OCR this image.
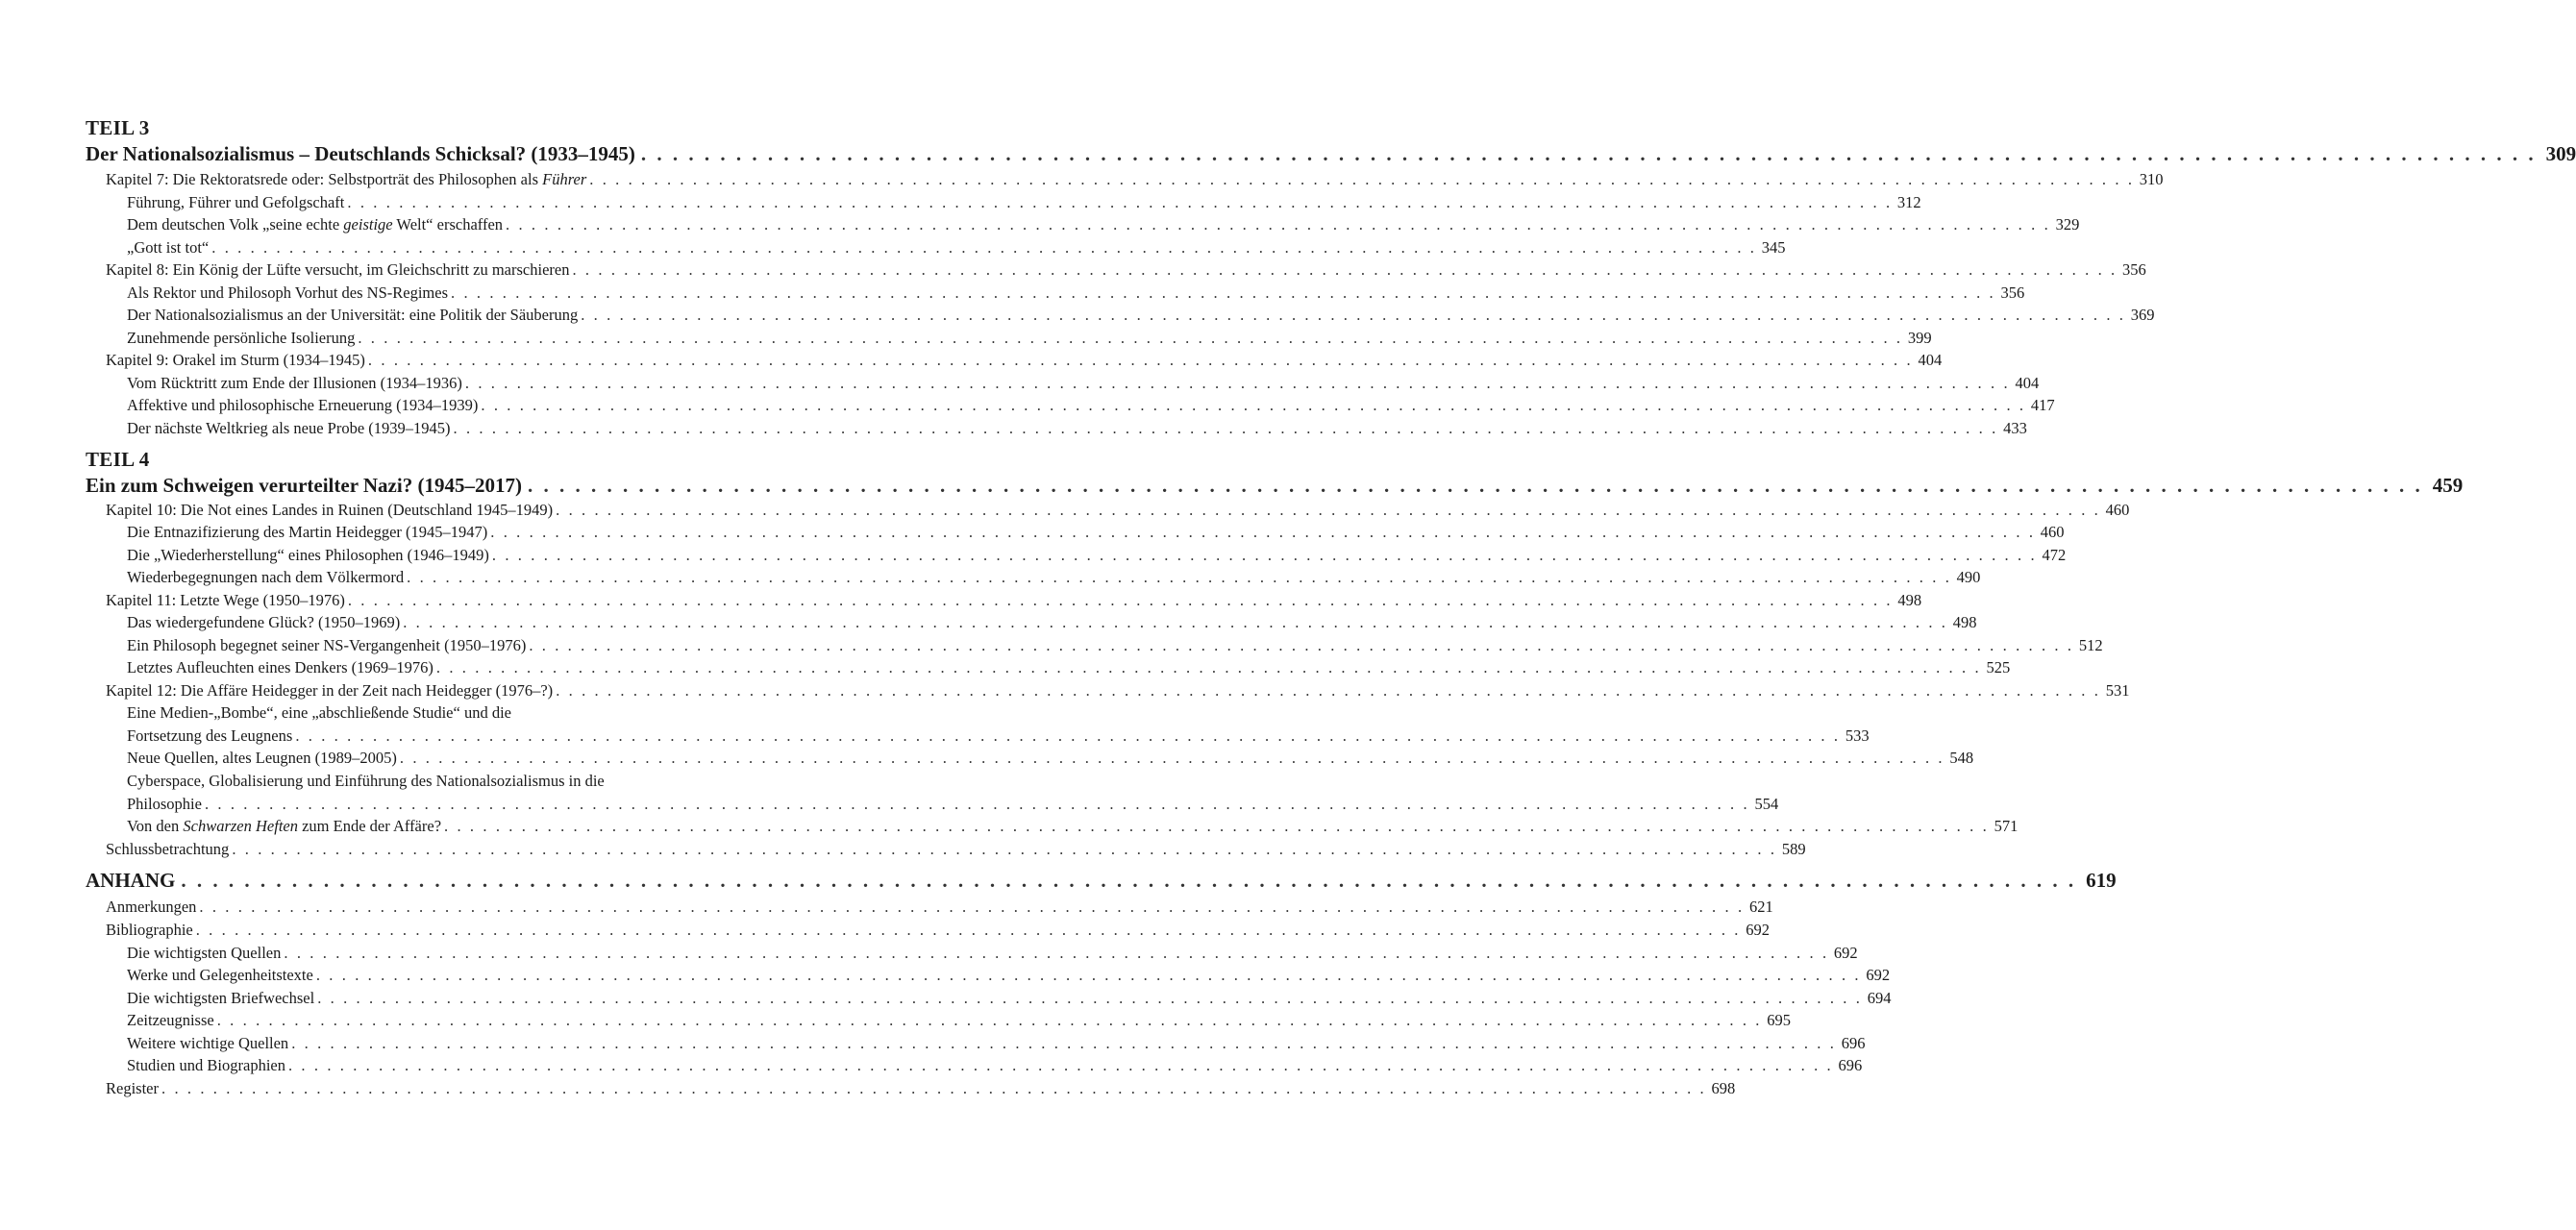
TEIL 3
Der Nationalsozialismus – Deutschlands Schicksal? (1933–1945) . . . . . . . . . . . . . . . . . . . . . . . . . . . . . . . . . . . . . . . . . . . . . . . . . . . . . . . . . . . . . . . . . . . . . . . . . . . . . . . . . . . . . . . . . . . . . . . . . . . . . . . . . . . . . . . . . . . . . . . . 309
Kapitel 7: Die Rektoratsrede oder: Selbstporträt des Philosophen als Führer . . . . . . . . . . . . . . . . . . . . . . . . . . . . . . . . . . . . . . . . . . . . . . . . . . . . . . . . . . . . . . . . . . . . . . . . . . . . . . . . . . . . . . . . . . . . . . . . . . . . . . . . . . . . . . . . . . . . . . . . 310
Führung, Führer und Gefolgschaft . . . . . . . . . . . . . . . . . . . . . . . . . . . . . . . . . . . . . . . . . . . . . . . . . . . . . . . . . . . . . . . . . . . . . . . . . . . . . . . . . . . . . . . . . . . . . . . . . . . . . . . . . . . . . . . . . . . . . . . . 312
Dem deutschen Volk „seine echte geistige Welt“ erschaffen . . . . . . . . . . . . . . . . . . . . . . . . . . . . . . . . . . . . . . . . . . . . . . . . . . . . . . . . . . . . . . . . . . . . . . . . . . . . . . . . . . . . . . . . . . . . . . . . . . . . . . . . . . . . . . . . . . . . . . . . 329
„Gott ist tot“ . . . . . . . . . . . . . . . . . . . . . . . . . . . . . . . . . . . . . . . . . . . . . . . . . . . . . . . . . . . . . . . . . . . . . . . . . . . . . . . . . . . . . . . . . . . . . . . . . . . . . . . . . . . . . . . . . . . . . . . . 345
Kapitel 8: Ein König der Lüfte versucht, im Gleichschritt zu marschieren . . . . . . . . . . . . . . . . . . . . . . . . . . . . . . . . . . . . . . . . . . . . . . . . . . . . . . . . . . . . . . . . . . . . . . . . . . . . . . . . . . . . . . . . . . . . . . . . . . . . . . . . . . . . . . . . . . . . . . . . 356
Als Rektor und Philosoph Vorhut des NS-Regimes . . . . . . . . . . . . . . . . . . . . . . . . . . . . . . . . . . . . . . . . . . . . . . . . . . . . . . . . . . . . . . . . . . . . . . . . . . . . . . . . . . . . . . . . . . . . . . . . . . . . . . . . . . . . . . . . . . . . . . . . 356
Der Nationalsozialismus an der Universität: eine Politik der Säuberung . . . . . . . . . . . . . . . . . . . . . . . . . . . . . . . . . . . . . . . . . . . . . . . . . . . . . . . . . . . . . . . . . . . . . . . . . . . . . . . . . . . . . . . . . . . . . . . . . . . . . . . . . . . . . . . . . . . . . . . . 369
Zunehmende persönliche Isolierung . . . . . . . . . . . . . . . . . . . . . . . . . . . . . . . . . . . . . . . . . . . . . . . . . . . . . . . . . . . . . . . . . . . . . . . . . . . . . . . . . . . . . . . . . . . . . . . . . . . . . . . . . . . . . . . . . . . . . . . . 399
Kapitel 9: Orakel im Sturm (1934–1945) . . . . . . . . . . . . . . . . . . . . . . . . . . . . . . . . . . . . . . . . . . . . . . . . . . . . . . . . . . . . . . . . . . . . . . . . . . . . . . . . . . . . . . . . . . . . . . . . . . . . . . . . . . . . . . . . . . . . . . . . 404
Vom Rücktritt zum Ende der Illusionen (1934–1936) . . . . . . . . . . . . . . . . . . . . . . . . . . . . . . . . . . . . . . . . . . . . . . . . . . . . . . . . . . . . . . . . . . . . . . . . . . . . . . . . . . . . . . . . . . . . . . . . . . . . . . . . . . . . . . . . . . . . . . . . 404
Affektive und philosophische Erneuerung (1934–1939) . . . . . . . . . . . . . . . . . . . . . . . . . . . . . . . . . . . . . . . . . . . . . . . . . . . . . . . . . . . . . . . . . . . . . . . . . . . . . . . . . . . . . . . . . . . . . . . . . . . . . . . . . . . . . . . . . . . . . . . . 417
Der nächste Weltkrieg als neue Probe (1939–1945) . . . . . . . . . . . . . . . . . . . . . . . . . . . . . . . . . . . . . . . . . . . . . . . . . . . . . . . . . . . . . . . . . . . . . . . . . . . . . . . . . . . . . . . . . . . . . . . . . . . . . . . . . . . . . . . . . . . . . . . . 433
TEIL 4
Ein zum Schweigen verurteilter Nazi? (1945–2017) . . . . . . . . . . . . . . . . . . . . . . . . . . . . . . . . . . . . . . . . . . . . . . . . . . . . . . . . . . . . . . . . . . . . . . . . . . . . . . . . . . . . . . . . . . . . . . . . . . . . . . . . . . . . . . . . . . . . . . . . 459
Kapitel 10: Die Not eines Landes in Ruinen (Deutschland 1945–1949) . . . . . . . . . . . . . . . . . . . . . . . . . . . . . . . . . . . . . . . . . . . . . . . . . . . . . . . . . . . . . . . . . . . . . . . . . . . . . . . . . . . . . . . . . . . . . . . . . . . . . . . . . . . . . . . . . . . . . . . . 460
Die Entnazifizierung des Martin Heidegger (1945–1947) . . . . . . . . . . . . . . . . . . . . . . . . . . . . . . . . . . . . . . . . . . . . . . . . . . . . . . . . . . . . . . . . . . . . . . . . . . . . . . . . . . . . . . . . . . . . . . . . . . . . . . . . . . . . . . . . . . . . . . . . 460
Die „Wiederherstellung“ eines Philosophen (1946–1949) . . . . . . . . . . . . . . . . . . . . . . . . . . . . . . . . . . . . . . . . . . . . . . . . . . . . . . . . . . . . . . . . . . . . . . . . . . . . . . . . . . . . . . . . . . . . . . . . . . . . . . . . . . . . . . . . . . . . . . . . 472
Wiederbegegnungen nach dem Völkermord . . . . . . . . . . . . . . . . . . . . . . . . . . . . . . . . . . . . . . . . . . . . . . . . . . . . . . . . . . . . . . . . . . . . . . . . . . . . . . . . . . . . . . . . . . . . . . . . . . . . . . . . . . . . . . . . . . . . . . . . 490
Kapitel 11: Letzte Wege (1950–1976) . . . . . . . . . . . . . . . . . . . . . . . . . . . . . . . . . . . . . . . . . . . . . . . . . . . . . . . . . . . . . . . . . . . . . . . . . . . . . . . . . . . . . . . . . . . . . . . . . . . . . . . . . . . . . . . . . . . . . . . . 498
Das wiedergefundene Glück? (1950–1969) . . . . . . . . . . . . . . . . . . . . . . . . . . . . . . . . . . . . . . . . . . . . . . . . . . . . . . . . . . . . . . . . . . . . . . . . . . . . . . . . . . . . . . . . . . . . . . . . . . . . . . . . . . . . . . . . . . . . . . . . 498
Ein Philosoph begegnet seiner NS-Vergangenheit (1950–1976) . . . . . . . . . . . . . . . . . . . . . . . . . . . . . . . . . . . . . . . . . . . . . . . . . . . . . . . . . . . . . . . . . . . . . . . . . . . . . . . . . . . . . . . . . . . . . . . . . . . . . . . . . . . . . . . . . . . . . . . . 512
Letztes Aufleuchten eines Denkers (1969–1976) . . . . . . . . . . . . . . . . . . . . . . . . . . . . . . . . . . . . . . . . . . . . . . . . . . . . . . . . . . . . . . . . . . . . . . . . . . . . . . . . . . . . . . . . . . . . . . . . . . . . . . . . . . . . . . . . . . . . . . . . 525
Kapitel 12: Die Affäre Heidegger in der Zeit nach Heidegger (1976–?) . . . . . . . . . . . . . . . . . . . . . . . . . . . . . . . . . . . . . . . . . . . . . . . . . . . . . . . . . . . . . . . . . . . . . . . . . . . . . . . . . . . . . . . . . . . . . . . . . . . . . . . . . . . . . . . . . . . . . . . . 531
Eine Medien-„Bombe“, eine „abschließende Studie“ und die
Fortsetzung des Leugnens . . . . . . . . . . . . . . . . . . . . . . . . . . . . . . . . . . . . . . . . . . . . . . . . . . . . . . . . . . . . . . . . . . . . . . . . . . . . . . . . . . . . . . . . . . . . . . . . . . . . . . . . . . . . . . . . . . . . . . . . 533
Neue Quellen, altes Leugnen (1989–2005) . . . . . . . . . . . . . . . . . . . . . . . . . . . . . . . . . . . . . . . . . . . . . . . . . . . . . . . . . . . . . . . . . . . . . . . . . . . . . . . . . . . . . . . . . . . . . . . . . . . . . . . . . . . . . . . . . . . . . . . . 548
Cyberspace, Globalisierung und Einführung des Nationalsozialismus in die
Philosophie . . . . . . . . . . . . . . . . . . . . . . . . . . . . . . . . . . . . . . . . . . . . . . . . . . . . . . . . . . . . . . . . . . . . . . . . . . . . . . . . . . . . . . . . . . . . . . . . . . . . . . . . . . . . . . . . . . . . . . . . 554
Von den Schwarzen Heften zum Ende der Affäre? . . . . . . . . . . . . . . . . . . . . . . . . . . . . . . . . . . . . . . . . . . . . . . . . . . . . . . . . . . . . . . . . . . . . . . . . . . . . . . . . . . . . . . . . . . . . . . . . . . . . . . . . . . . . . . . . . . . . . . . . 571
Schlussbetrachtung . . . . . . . . . . . . . . . . . . . . . . . . . . . . . . . . . . . . . . . . . . . . . . . . . . . . . . . . . . . . . . . . . . . . . . . . . . . . . . . . . . . . . . . . . . . . . . . . . . . . . . . . . . . . . . . . . . . . . . . . 589
ANHANG . . . . . . . . . . . . . . . . . . . . . . . . . . . . . . . . . . . . . . . . . . . . . . . . . . . . . . . . . . . . . . . . . . . . . . . . . . . . . . . . . . . . . . . . . . . . . . . . . . . . . . . . . . . . . . . . . . . . . . . . 619
Anmerkungen . . . . . . . . . . . . . . . . . . . . . . . . . . . . . . . . . . . . . . . . . . . . . . . . . . . . . . . . . . . . . . . . . . . . . . . . . . . . . . . . . . . . . . . . . . . . . . . . . . . . . . . . . . . . . . . . . . . . . . . . 621
Bibliographie . . . . . . . . . . . . . . . . . . . . . . . . . . . . . . . . . . . . . . . . . . . . . . . . . . . . . . . . . . . . . . . . . . . . . . . . . . . . . . . . . . . . . . . . . . . . . . . . . . . . . . . . . . . . . . . . . . . . . . . . 692
Die wichtigsten Quellen . . . . . . . . . . . . . . . . . . . . . . . . . . . . . . . . . . . . . . . . . . . . . . . . . . . . . . . . . . . . . . . . . . . . . . . . . . . . . . . . . . . . . . . . . . . . . . . . . . . . . . . . . . . . . . . . . . . . . . . . 692
Werke und Gelegenheitstexte . . . . . . . . . . . . . . . . . . . . . . . . . . . . . . . . . . . . . . . . . . . . . . . . . . . . . . . . . . . . . . . . . . . . . . . . . . . . . . . . . . . . . . . . . . . . . . . . . . . . . . . . . . . . . . . . . . . . . . . . 692
Die wichtigsten Briefwechsel . . . . . . . . . . . . . . . . . . . . . . . . . . . . . . . . . . . . . . . . . . . . . . . . . . . . . . . . . . . . . . . . . . . . . . . . . . . . . . . . . . . . . . . . . . . . . . . . . . . . . . . . . . . . . . . . . . . . . . . . 694
Zeitzeugnisse . . . . . . . . . . . . . . . . . . . . . . . . . . . . . . . . . . . . . . . . . . . . . . . . . . . . . . . . . . . . . . . . . . . . . . . . . . . . . . . . . . . . . . . . . . . . . . . . . . . . . . . . . . . . . . . . . . . . . . . . 695
Weitere wichtige Quellen . . . . . . . . . . . . . . . . . . . . . . . . . . . . . . . . . . . . . . . . . . . . . . . . . . . . . . . . . . . . . . . . . . . . . . . . . . . . . . . . . . . . . . . . . . . . . . . . . . . . . . . . . . . . . . . . . . . . . . . . 696
Studien und Biographien . . . . . . . . . . . . . . . . . . . . . . . . . . . . . . . . . . . . . . . . . . . . . . . . . . . . . . . . . . . . . . . . . . . . . . . . . . . . . . . . . . . . . . . . . . . . . . . . . . . . . . . . . . . . . . . . . . . . . . . . 696
Register . . . . . . . . . . . . . . . . . . . . . . . . . . . . . . . . . . . . . . . . . . . . . . . . . . . . . . . . . . . . . . . . . . . . . . . . . . . . . . . . . . . . . . . . . . . . . . . . . . . . . . . . . . . . . . . . . . . . . . . . 698
